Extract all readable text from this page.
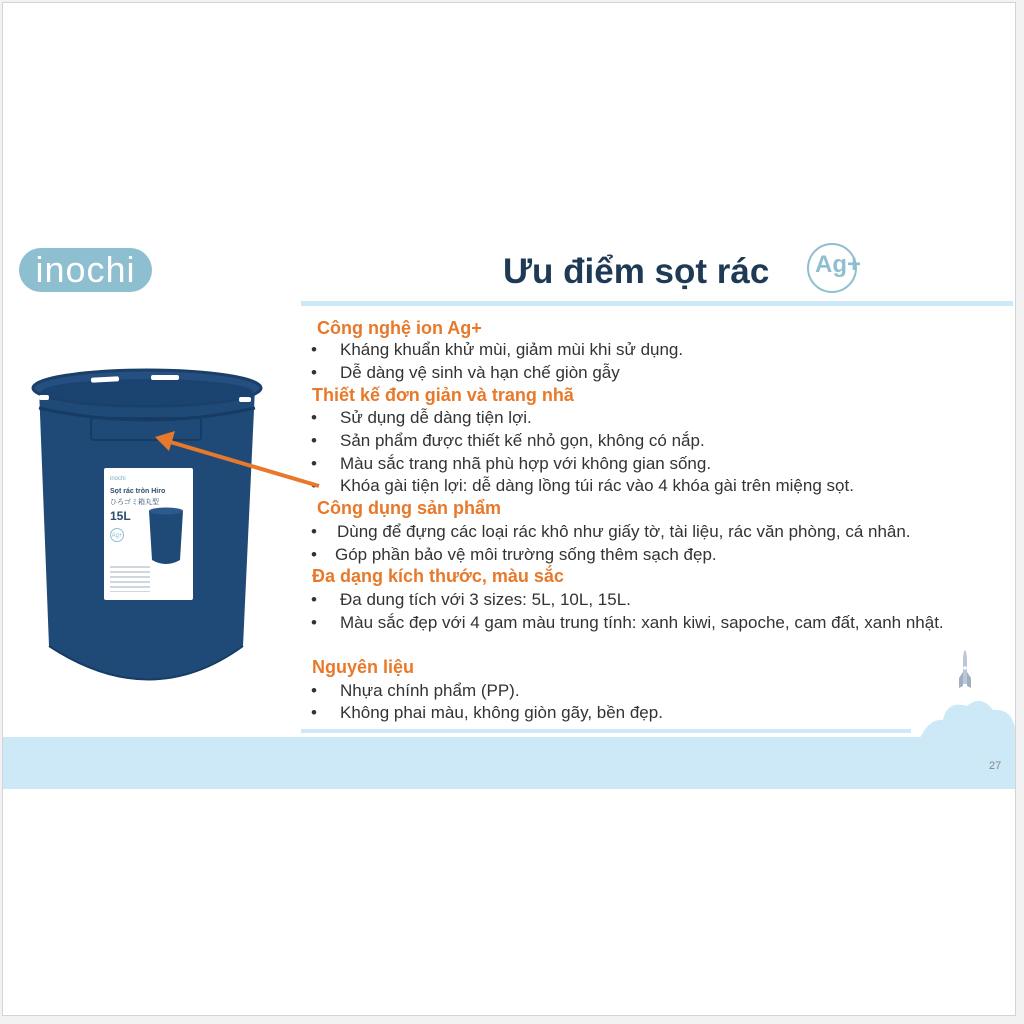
inochi	Ưu điểm sọt rác	Ag+
Công nghệ ion Ag+
• Kháng khuẩn khử mùi, giảm mùi khi sử dụng.
• Dễ dàng vệ sinh và hạn chế giòn gẫy
Thiết kế đơn giản và trang nhã
• Sử dụng dễ dàng tiện lợi.
• Sản phẩm được thiết kế nhỏ gọn, không có nắp.
• Màu sắc trang nhã phù hợp với không gian sống.
Khóa gài tiện lợi: dễ dàng lồng túi rác vào 4 khóa gài trên miệng sọt.
Công dụng sản phẩm
• Dùng để đựng các loại rác khô như giấy tờ, tài liệu, rác văn phòng, cá nhân.
• Góp phần bảo vệ môi trường sống thêm sạch đẹp.
Đa dạng kích thước, màu sắc
• Đa dung tích với 3 sizes: 5L, 10L, 15L.
• Màu sắc đẹp với 4 gam màu trung tính: xanh kiwi, sapoche, cam đất, xanh nhật.
Nguyên liệu
• Nhựa chính phẩm (PP).
• Không phai màu, không giòn gãy, bền đẹp.
inochi
Sọt rác tròn Hiro
ひろゴミ箱丸型
15L
Ag+
27
